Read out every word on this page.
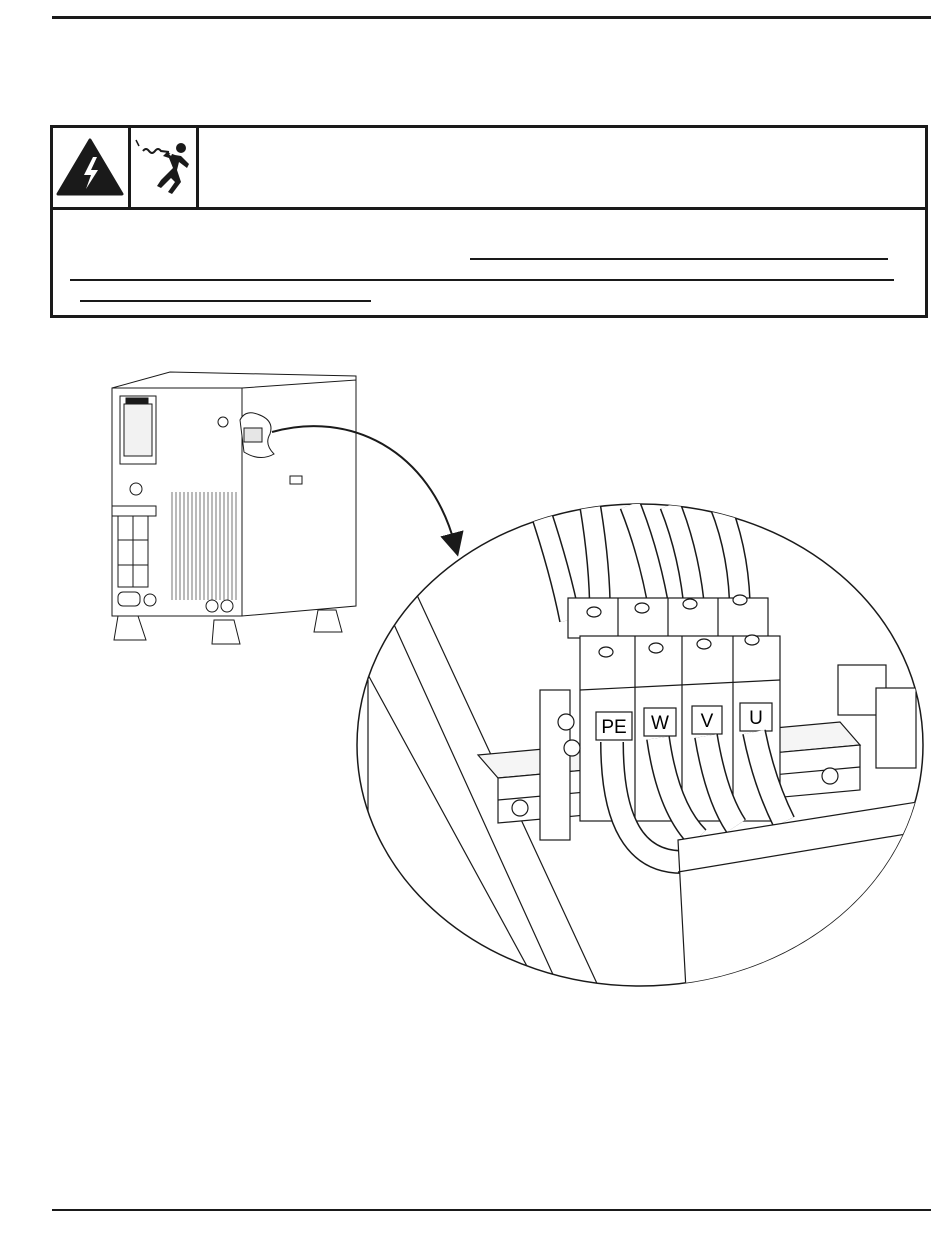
PE W V U
